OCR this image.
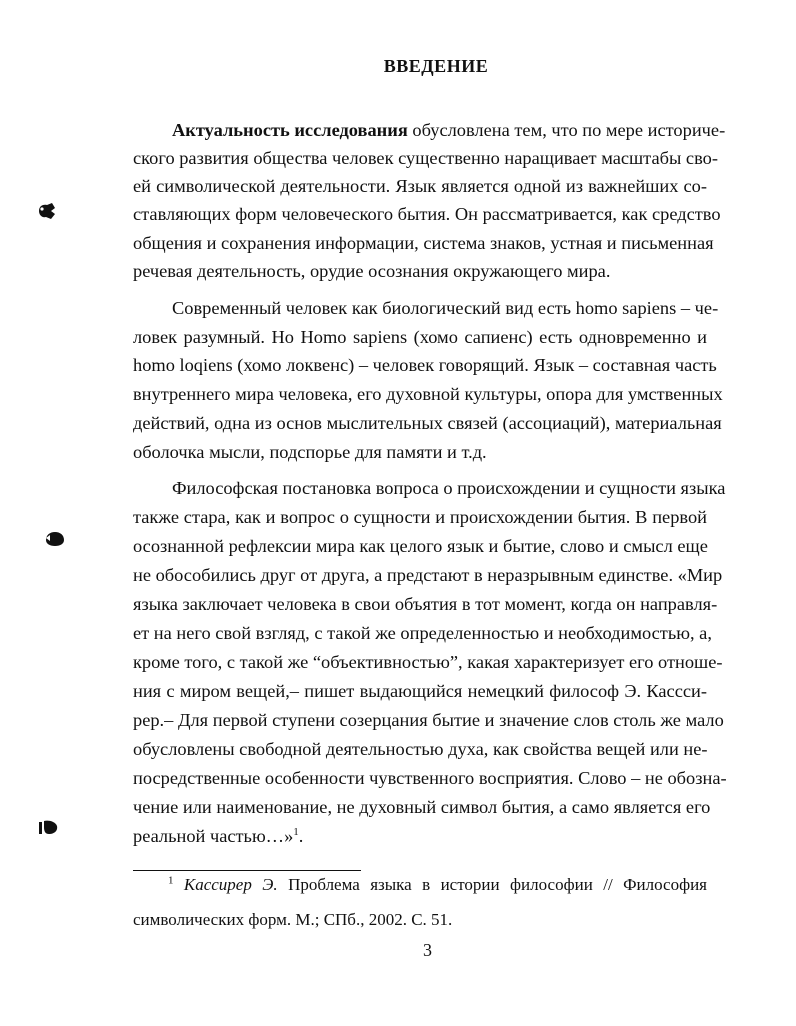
ВВЕДЕНИЕ
Актуальность исследования обусловлена тем, что по мере историче-
ского развития общества человек существенно наращивает масштабы сво-
ей символической деятельности. Язык является одной из важнейших со-
ставляющих форм человеческого бытия. Он рассматривается, как средство
общения и сохранения информации, система знаков, устная и письменная
речевая деятельность, орудие осознания окружающего мира.
Современный человек как биологический вид есть homo sapiens – че-
ловек разумный. Но Homo sapiens (хомо сапиенс) есть одновременно и
homo loqiens (хомо локвенс) – человек говорящий. Язык – составная часть
внутреннего мира человека, его духовной культуры, опора для умственных
действий, одна из основ мыслительных связей (ассоциаций), материальная
оболочка мысли, подспорье для памяти и т.д.
Философская постановка вопроса о происхождении и сущности языка
также стара, как и вопрос о сущности и происхождении бытия. В первой
осознанной рефлексии мира как целого язык и бытие, слово и смысл еще
не обособились друг от друга, а предстают в неразрывным единстве. «Мир
языка заключает человека в свои объятия в тот момент, когда он направля-
ет на него свой взгляд, с такой же определенностью и необходимостью, а,
кроме того, с такой же “объективностью”, какая характеризует его отноше-
ния с миром вещей,– пишет выдающийся немецкий философ Э. Кассси-
рер.– Для первой ступени созерцания бытие и значение слов столь же мало
обусловлены свободной деятельностью духа, как свойства вещей или не-
посредственные особенности чувственного восприятия. Слово – не обозна-
чение или наименование, не духовный символ бытия, а само является его
реальной частью…»$^1$.
$^1$ Кассирер Э. Проблема языка в истории философии // Философия
символических форм. М.; СПб., 2002. С. 51.
3
